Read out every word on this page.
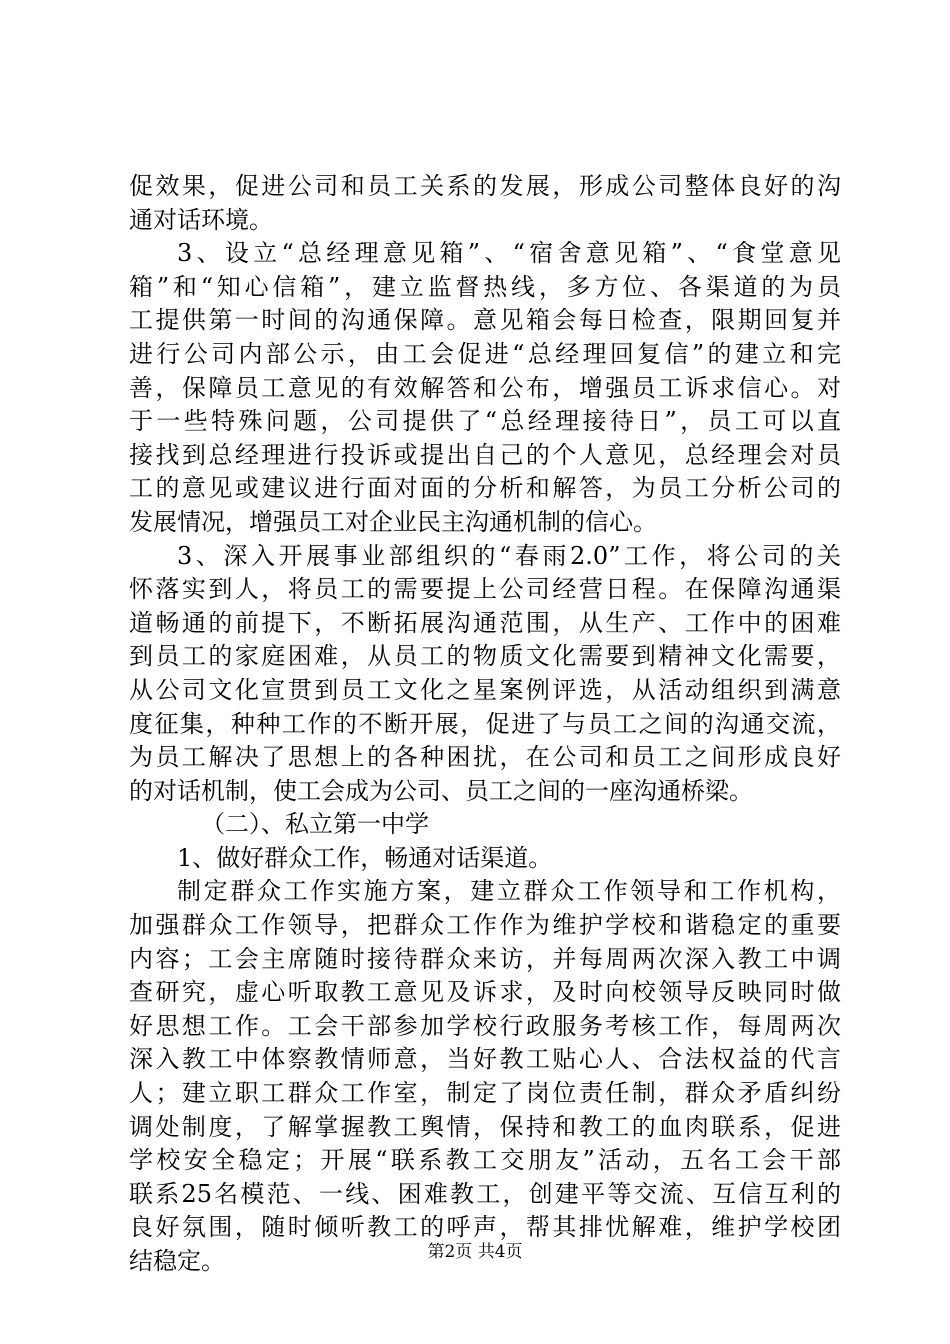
促效果，促进公司和员工关系的发展，形成公司整体良好的沟
通对话环境。
3、设立“总经理意见箱”、“宿舍意见箱”、“食堂意见
箱”和“知心信箱”，建立监督热线，多方位、各渠道的为员
工提供第一时间的沟通保障。意见箱会每日检查，限期回复并
进行公司内部公示，由工会促进“总经理回复信”的建立和完
善，保障员工意见的有效解答和公布，增强员工诉求信心。对
于一些特殊问题，公司提供了“总经理接待日”，员工可以直
接找到总经理进行投诉或提出自己的个人意见，总经理会对员
工的意见或建议进行面对面的分析和解答，为员工分析公司的
发展情况，增强员工对企业民主沟通机制的信心。
3、深入开展事业部组织的“春雨2.0”工作，将公司的关
怀落实到人，将员工的需要提上公司经营日程。在保障沟通渠
道畅通的前提下，不断拓展沟通范围，从生产、工作中的困难
到员工的家庭困难，从员工的物质文化需要到精神文化需要，
从公司文化宣贯到员工文化之星案例评选，从活动组织到满意
度征集，种种工作的不断开展，促进了与员工之间的沟通交流，
为员工解决了思想上的各种困扰，在公司和员工之间形成良好
的对话机制，使工会成为公司、员工之间的一座沟通桥梁。
（二）、私立第一中学
1、做好群众工作，畅通对话渠道。
制定群众工作实施方案，建立群众工作领导和工作机构，
加强群众工作领导，把群众工作作为维护学校和谐稳定的重要
内容；工会主席随时接待群众来访，并每周两次深入教工中调
查研究，虚心听取教工意见及诉求，及时向校领导反映同时做
好思想工作。工会干部参加学校行政服务考核工作，每周两次
深入教工中体察教情师意，当好教工贴心人、合法权益的代言
人；建立职工群众工作室，制定了岗位责任制，群众矛盾纠纷
调处制度，了解掌握教工舆情，保持和教工的血肉联系，促进
学校安全稳定；开展“联系教工交朋友”活动，五名工会干部
联系25名模范、一线、困难教工，创建平等交流、互信互利的
良好氛围，随时倾听教工的呼声，帮其排忧解难，维护学校团
结稳定。	第2页 共4页
